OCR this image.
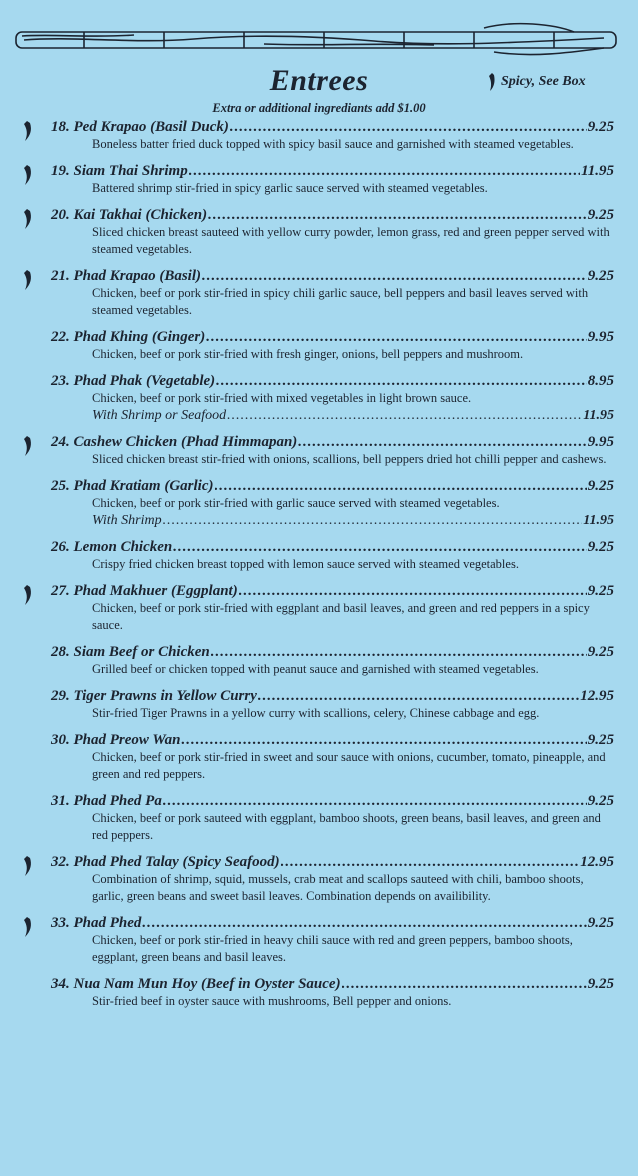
Entrees	Spicy, See Box
Extra or additional ingrediants add $1.00
18. Ped Krapao (Basil Duck) .....	9.25
Boneless batter fried duck topped with spicy basil sauce and garnished with steamed vegetables.
19. Siam Thai Shrimp .....	11.95
Battered shrimp stir-fried in spicy garlic sauce served with steamed vegetables.
20. Kai Takhai (Chicken) .....	9.25
Sliced chicken breast sauteed with yellow curry powder, lemon grass, red and green pepper served with steamed vegetables.
21. Phad Krapao (Basil) .....	9.25
Chicken, beef or pork stir-fried in spicy chili garlic sauce, bell peppers and basil leaves served with steamed vegetables.
22. Phad Khing (Ginger) .....	9.95
Chicken, beef or pork stir-fried with fresh ginger, onions, bell peppers and mushroom.
23. Phad Phak (Vegetable) .....	8.95
Chicken, beef or pork stir-fried with mixed vegetables in light brown sauce.
With Shrimp or Seafood .....	11.95
24. Cashew Chicken (Phad Himmapan) .....	9.95
Sliced chicken breast stir-fried with onions, scallions, bell peppers dried hot chilli pepper and cashews.
25. Phad Kratiam (Garlic) .....	9.25
Chicken, beef or pork stir-fried with garlic sauce served with steamed vegetables.
With Shrimp .....	11.95
26. Lemon Chicken .....	9.25
Crispy fried chicken breast topped with lemon sauce served with steamed vegetables.
27. Phad Makhuer (Eggplant) .....	9.25
Chicken, beef or pork stir-fried with eggplant and basil leaves, and green and red peppers in a spicy sauce.
28. Siam Beef or Chicken .....	9.25
Grilled beef or chicken topped with peanut sauce and garnished with steamed vegetables.
29. Tiger Prawns in Yellow Curry .....	12.95
Stir-fried Tiger Prawns in a yellow curry with scallions, celery, Chinese cabbage and egg.
30. Phad Preow Wan .....	9.25
Chicken, beef or pork stir-fried in sweet and sour sauce with onions, cucumber, tomato, pineapple, and green and red peppers.
31. Phad Phed Pa .....	9.25
Chicken, beef or pork sauteed with eggplant, bamboo shoots, green beans, basil leaves, and green and red peppers.
32. Phad Phed Talay (Spicy Seafood) .....	12.95
Combination of shrimp, squid, mussels, crab meat and scallops sauteed with chili, bamboo shoots, garlic, green beans and sweet basil leaves. Combination depends on availibility.
33. Phad Phed .....	9.25
Chicken, beef or pork stir-fried in heavy chili sauce with red and green peppers, bamboo shoots, eggplant, green beans and basil leaves.
34. Nua Nam Mun Hoy (Beef in Oyster Sauce) .....	9.25
Stir-fried beef in oyster sauce with mushrooms, Bell pepper and onions.
